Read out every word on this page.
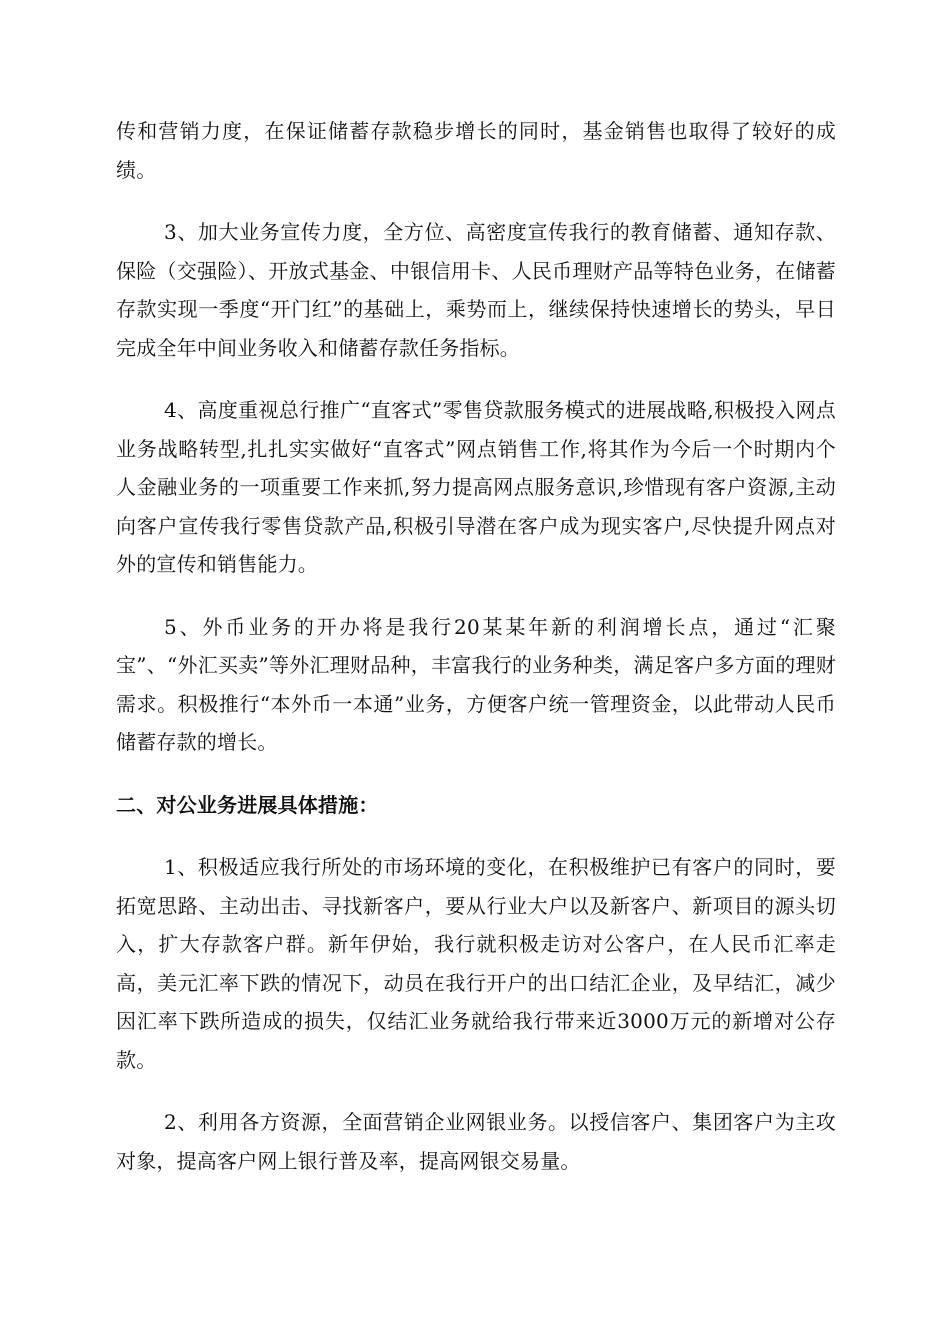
传和营销力度，在保证储蓄存款稳步增长的同时，基金销售也取得了较好的成绩。

3、加大业务宣传力度，全方位、高密度宣传我行的教育储蓄、通知存款、保险（交强险）、开放式基金、中银信用卡、人民币理财产品等特色业务，在储蓄存款实现一季度“开门红”的基础上，乘势而上，继续保持快速增长的势头，早日完成全年中间业务收入和储蓄存款任务指标。

4、高度重视总行推广“直客式”零售贷款服务模式的进展战略,积极投入网点业务战略转型,扎扎实实做好“直客式”网点销售工作,将其作为今后一个时期内个人金融业务的一项重要工作来抓,努力提高网点服务意识,珍惜现有客户资源,主动向客户宣传我行零售贷款产品,积极引导潜在客户成为现实客户,尽快提升网点对外的宣传和销售能力。

5、外币业务的开办将是我行20某某年新的利润增长点，通过“汇聚宝”、“外汇买卖”等外汇理财品种，丰富我行的业务种类，满足客户多方面的理财需求。积极推行“本外币一本通”业务，方便客户统一管理资金，以此带动人民币储蓄存款的增长。

二、对公业务进展具体措施：

1、积极适应我行所处的市场环境的变化，在积极维护已有客户的同时，要拓宽思路、主动出击、寻找新客户，要从行业大户以及新客户、新项目的源头切入，扩大存款客户群。新年伊始，我行就积极走访对公客户，在人民币汇率走高，美元汇率下跌的情况下，动员在我行开户的出口结汇企业，及早结汇，减少因汇率下跌所造成的损失，仅结汇业务就给我行带来近3000万元的新增对公存款。

2、利用各方资源，全面营销企业网银业务。以授信客户、集团客户为主攻对象，提高客户网上银行普及率，提高网银交易量。
